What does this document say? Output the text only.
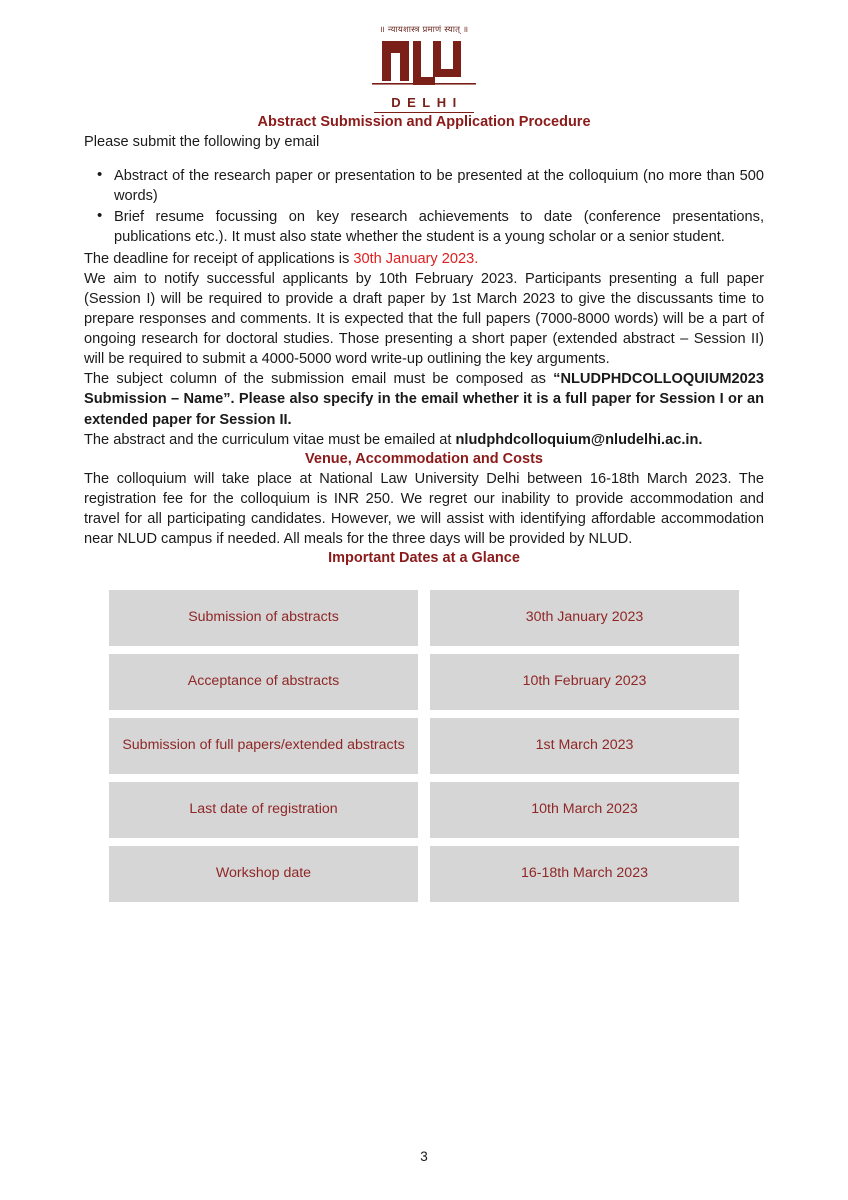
॥ न्यायशास्त्र प्रमाणं स्यात् ॥
DELHI
Abstract Submission and Application Procedure

Please submit the following by email

• Abstract of the research paper or presentation to be presented at the colloquium (no more than 500 words)
• Brief resume focussing on key research achievements to date (conference presentations, publications etc.). It must also state whether the student is a young scholar or a senior student.

The deadline for receipt of applications is 30th January 2023.

We aim to notify successful applicants by 10th February 2023. Participants presenting a full paper (Session I) will be required to provide a draft paper by 1st March 2023 to give the discussants time to prepare responses and comments. It is expected that the full papers (7000-8000 words) will be a part of ongoing research for doctoral studies. Those presenting a short paper (extended abstract – Session II) will be required to submit a 4000-5000 word write-up outlining the key arguments.

The subject column of the submission email must be composed as “NLUDPHDCOLLOQUIUM2023 Submission – Name”. Please also specify in the email whether it is a full paper for Session I or an extended paper for Session II.

The abstract and the curriculum vitae must be emailed at nludphdcolloquium@nludelhi.ac.in.

Venue, Accommodation and Costs

The colloquium will take place at National Law University Delhi between 16-18th March 2023. The registration fee for the colloquium is INR 250. We regret our inability to provide accommodation and travel for all participating candidates. However, we will assist with identifying affordable accommodation near NLUD campus if needed. All meals for the three days will be provided by NLUD.

Important Dates at a Glance
Submission of abstracts	30th January 2023
Acceptance of abstracts	10th February 2023
Submission of full papers/extended abstracts	1st March 2023
Last date of registration	10th March 2023
Workshop date	16-18th March 2023
3
